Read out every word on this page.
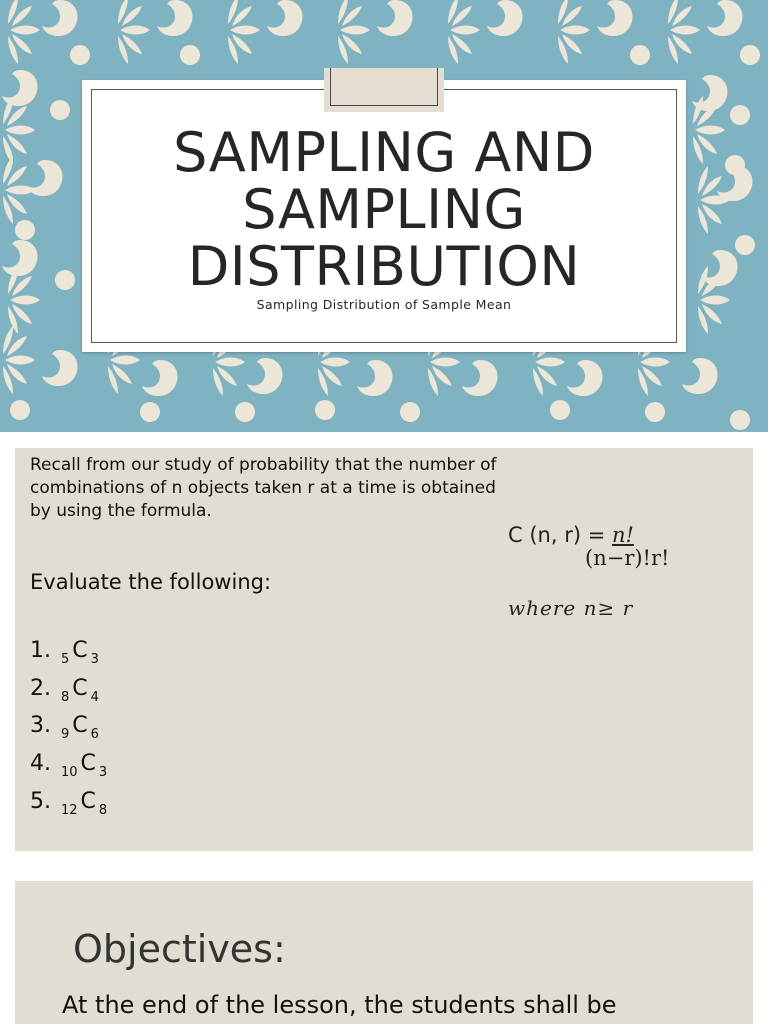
SAMPLING AND
SAMPLING
DISTRIBUTION
Sampling Distribution of Sample Mean
Recall from our study of probability that the number of combinations of n objects taken r at a time is obtained by using the formula.
C (n, r) = n!
(n−r)!r!
where n≥ r
Evaluate the following:
1. $_5$ C $_3$
2. $_8$ C $_4$
3. $_9$ C $_6$
4. $_{10}$ C $_3$
5. $_{12}$ C $_8$
Objectives:
At the end of the lesson, the students shall be
